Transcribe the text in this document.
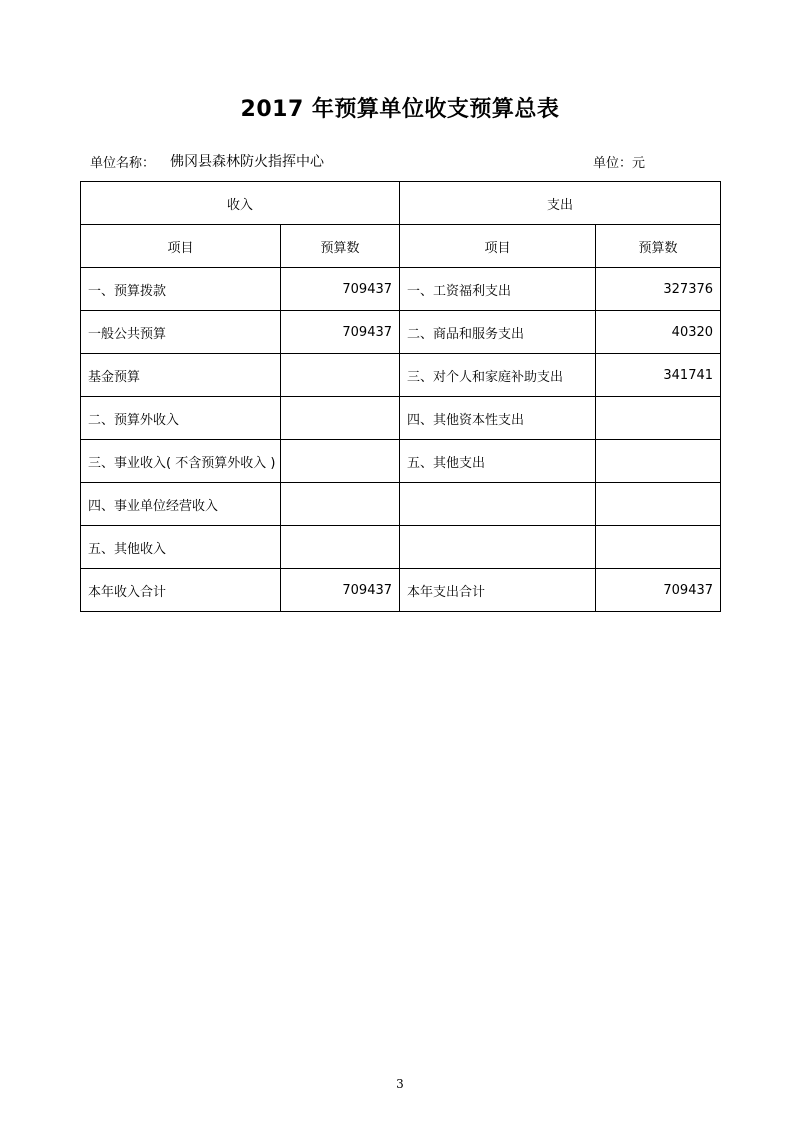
2017 年预算单位收支预算总表
单位名称： 佛冈县森林防火指挥中心	单位：元
收入		支出	
项目	预算数	项目	预算数
一、预算拨款	709437	一、工资福利支出	327376
一般公共预算	709437	二、商品和服务支出	40320
基金预算		三、对个人和家庭补助支出	341741
二、预算外收入		四、其他资本性支出	
三、事业收入( 不含预算外收入 )		五、其他支出	
四、事业单位经营收入			
五、其他收入			
本年收入合计	709437	本年支出合计	709437
3
